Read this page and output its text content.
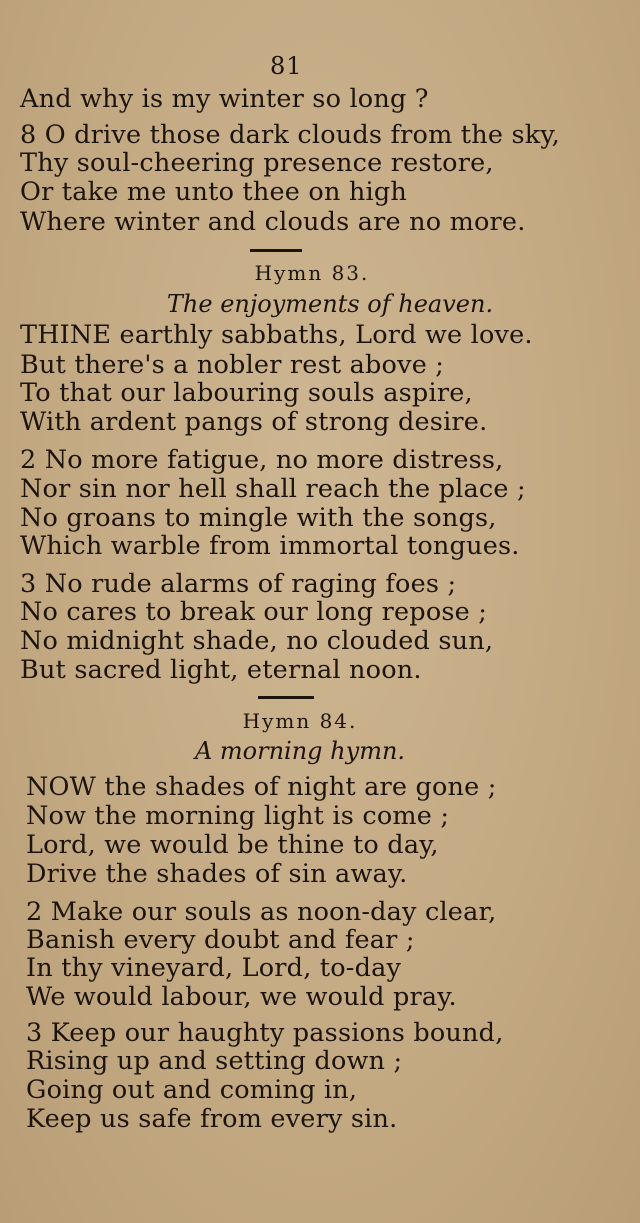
81
And why is my winter so long ?
8 O drive those dark clouds from the sky,
Thy soul-cheering presence restore,
Or take me unto thee on high
Where winter and clouds are no more.
Hymn 83.
The enjoyments of heaven.
THINE earthly sabbaths, Lord we love.
But there's a nobler rest above ;
To that our labouring souls aspire,
With ardent pangs of strong desire.
2 No more fatigue, no more distress,
Nor sin nor hell shall reach the place ;
No groans to mingle with the songs,
Which warble from immortal tongues.
3 No rude alarms of raging foes ;
No cares to break our long repose ;
No midnight shade, no clouded sun,
But sacred light, eternal noon.
Hymn 84.
A morning hymn.
NOW the shades of night are gone ;
Now the morning light is come ;
Lord, we would be thine to day,
Drive the shades of sin away.
2 Make our souls as noon-day clear,
Banish every doubt and fear ;
In thy vineyard, Lord, to-day
We would labour, we would pray.
3 Keep our haughty passions bound,
Rising up and setting down ;
Going out and coming in,
Keep us safe from every sin.
